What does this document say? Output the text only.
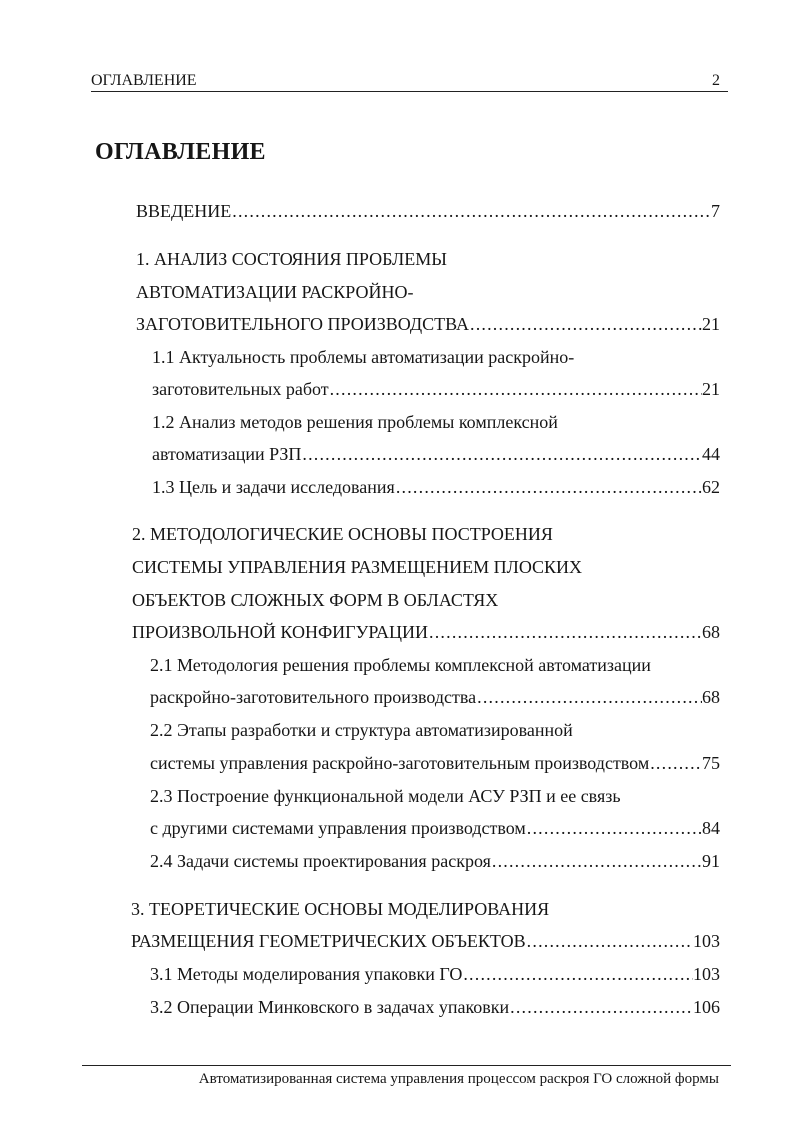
ОГЛАВЛЕНИЕ	2
ОГЛАВЛЕНИЕ
ВВЕДЕНИЕ .....	7
1. АНАЛИЗ СОСТОЯНИЯ ПРОБЛЕМЫ
АВТОМАТИЗАЦИИ РАСКРОЙНО-
ЗАГОТОВИТЕЛЬНОГО ПРОИЗВОДСТВА .....	21
1.1 Актуальность проблемы автоматизации раскройно-
заготовительных работ .....	21
1.2 Анализ методов решения проблемы комплексной
автоматизации РЗП .....	44
1.3 Цель и задачи исследования .....	62
2. МЕТОДОЛОГИЧЕСКИЕ ОСНОВЫ ПОСТРОЕНИЯ
СИСТЕМЫ УПРАВЛЕНИЯ РАЗМЕЩЕНИЕМ ПЛОСКИХ
ОБЪЕКТОВ СЛОЖНЫХ ФОРМ В ОБЛАСТЯХ
ПРОИЗВОЛЬНОЙ КОНФИГУРАЦИИ .....	68
2.1 Методология решения проблемы комплексной автоматизации
раскройно-заготовительного производства .....	68
2.2 Этапы разработки и структура автоматизированной
системы управления раскройно-заготовительным производством .....	75
2.3 Построение функциональной модели АСУ РЗП и ее связь
с другими системами управления производством .....	84
2.4 Задачи системы проектирования раскроя .....	91
3. ТЕОРЕТИЧЕСКИЕ ОСНОВЫ МОДЕЛИРОВАНИЯ
РАЗМЕЩЕНИЯ ГЕОМЕТРИЧЕСКИХ ОБЪЕКТОВ .....	103
3.1 Методы моделирования упаковки ГО .....	103
3.2 Операции Минковского в задачах упаковки .....	106
Автоматизированная система управления процессом раскроя ГО сложной формы
